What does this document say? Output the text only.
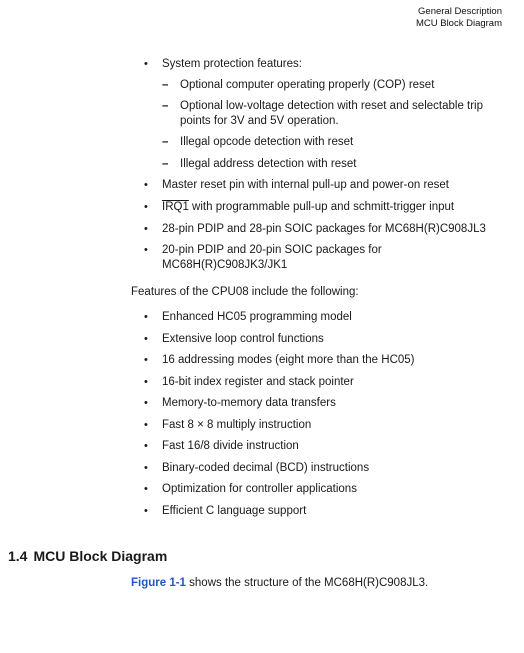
General Description
MCU Block Diagram
• System protection features:
– Optional computer operating properly (COP) reset
– Optional low-voltage detection with reset and selectable trip
points for 3V and 5V operation.
– Illegal opcode detection with reset
– Illegal address detection with reset
• Master reset pin with internal pull-up and power-on reset
• IRQ1 with programmable pull-up and schmitt-trigger input
• 28-pin PDIP and 28-pin SOIC packages for MC68H(R)C908JL3
• 20-pin PDIP and 20-pin SOIC packages for
MC68H(R)C908JK3/JK1
Features of the CPU08 include the following:
• Enhanced HC05 programming model
• Extensive loop control functions
• 16 addressing modes (eight more than the HC05)
• 16-bit index register and stack pointer
• Memory-to-memory data transfers
• Fast 8 × 8 multiply instruction
• Fast 16/8 divide instruction
• Binary-coded decimal (BCD) instructions
• Optimization for controller applications
• Efficient C language support
1.4 MCU Block Diagram
Figure 1-1 shows the structure of the MC68H(R)C908JL3.
